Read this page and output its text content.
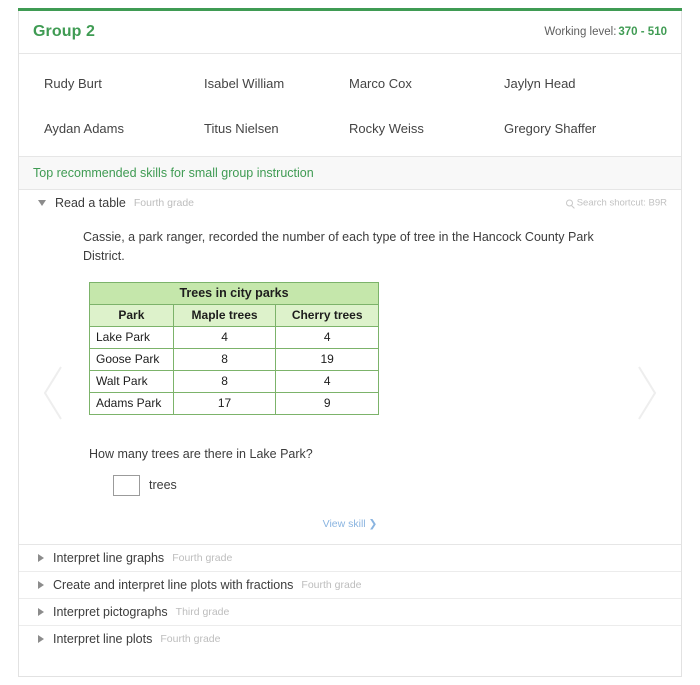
Group 2	Working level: 370 - 510
Rudy Burt	Isabel William	Marco Cox	Jaylyn Head
Aydan Adams	Titus Nielsen	Rocky Weiss	Gregory Shaffer
Top recommended skills for small group instruction
Read a table Fourth grade	Search shortcut: B9R
Cassie, a park ranger, recorded the number of each type of tree in the Hancock County Park District.
Trees in city parks		
Park	Maple trees	Cherry trees
Lake Park	4	4
Goose Park	8	19
Walt Park	8	4
Adams Park	17	9
How many trees are there in Lake Park?
trees
View skill ❯
Interpret line graphs Fourth grade
Create and interpret line plots with fractions Fourth grade
Interpret pictographs Third grade
Interpret line plots Fourth grade
